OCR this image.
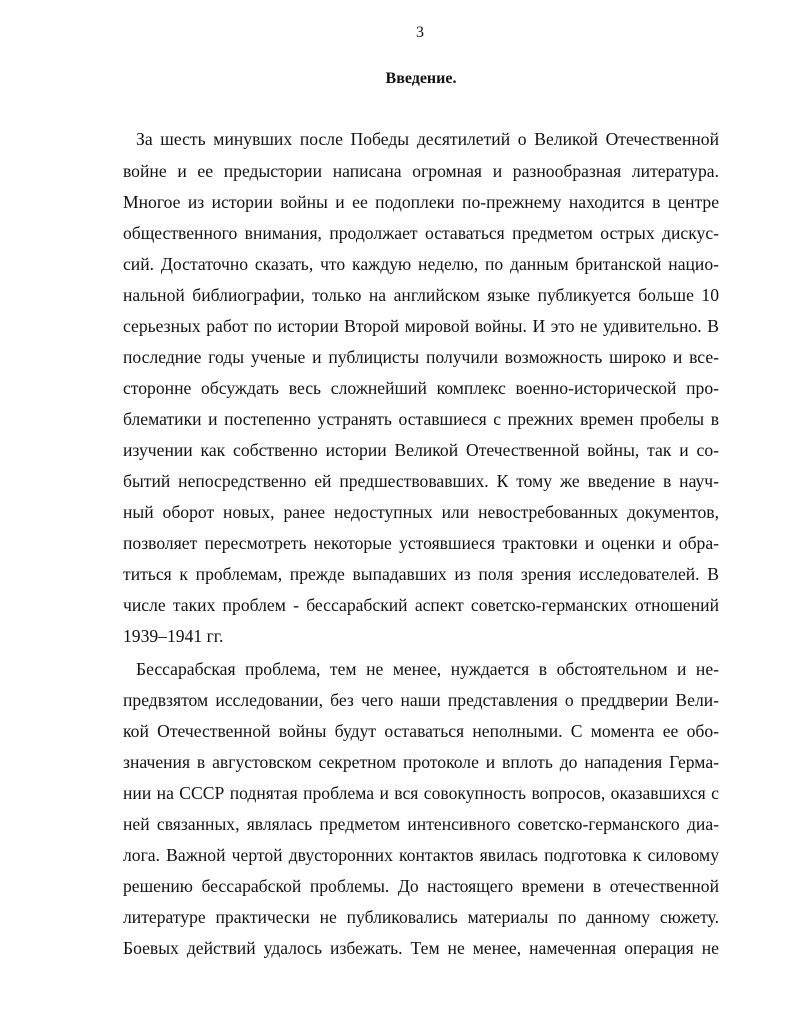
3
Введение.
За шесть минувших после Победы десятилетий о Великой Отечественной
войне и ее предыстории написана огромная и разнообразная литература.
Многое из истории войны и ее подоплеки по-прежнему находится в центре
общественного внимания, продолжает оставаться предметом острых дискус-
сий. Достаточно сказать, что каждую неделю, по данным британской нацио-
нальной библиографии, только на английском языке публикуется больше 10
серьезных работ по истории Второй мировой войны. И это не удивительно. В
последние годы ученые и публицисты получили возможность широко и все-
сторонне обсуждать весь сложнейший комплекс военно-исторической про-
блематики и постепенно устранять оставшиеся с прежних времен пробелы в
изучении как собственно истории Великой Отечественной войны, так и со-
бытий непосредственно ей предшествовавших. К тому же введение в науч-
ный оборот новых, ранее недоступных или невостребованных документов,
позволяет пересмотреть некоторые устоявшиеся трактовки и оценки и обра-
титься к проблемам, прежде выпадавших из поля зрения исследователей. В
числе таких проблем - бессарабский аспект советско-германских отношений
1939–1941 гг.
Бессарабская проблема, тем не менее, нуждается в обстоятельном и не-
предвзятом исследовании, без чего наши представления о преддверии Вели-
кой Отечественной войны будут оставаться неполными. С момента ее обо-
значения в августовском секретном протоколе и вплоть до нападения Герма-
нии на СССР поднятая проблема и вся совокупность вопросов, оказавшихся с
ней связанных, являлась предметом интенсивного советско-германского диа-
лога. Важной чертой двусторонних контактов явилась подготовка к силовому
решению бессарабской проблемы. До настоящего времени в отечественной
литературе практически не публиковались материалы по данному сюжету.
Боевых действий удалось избежать. Тем не менее, намеченная операция не
